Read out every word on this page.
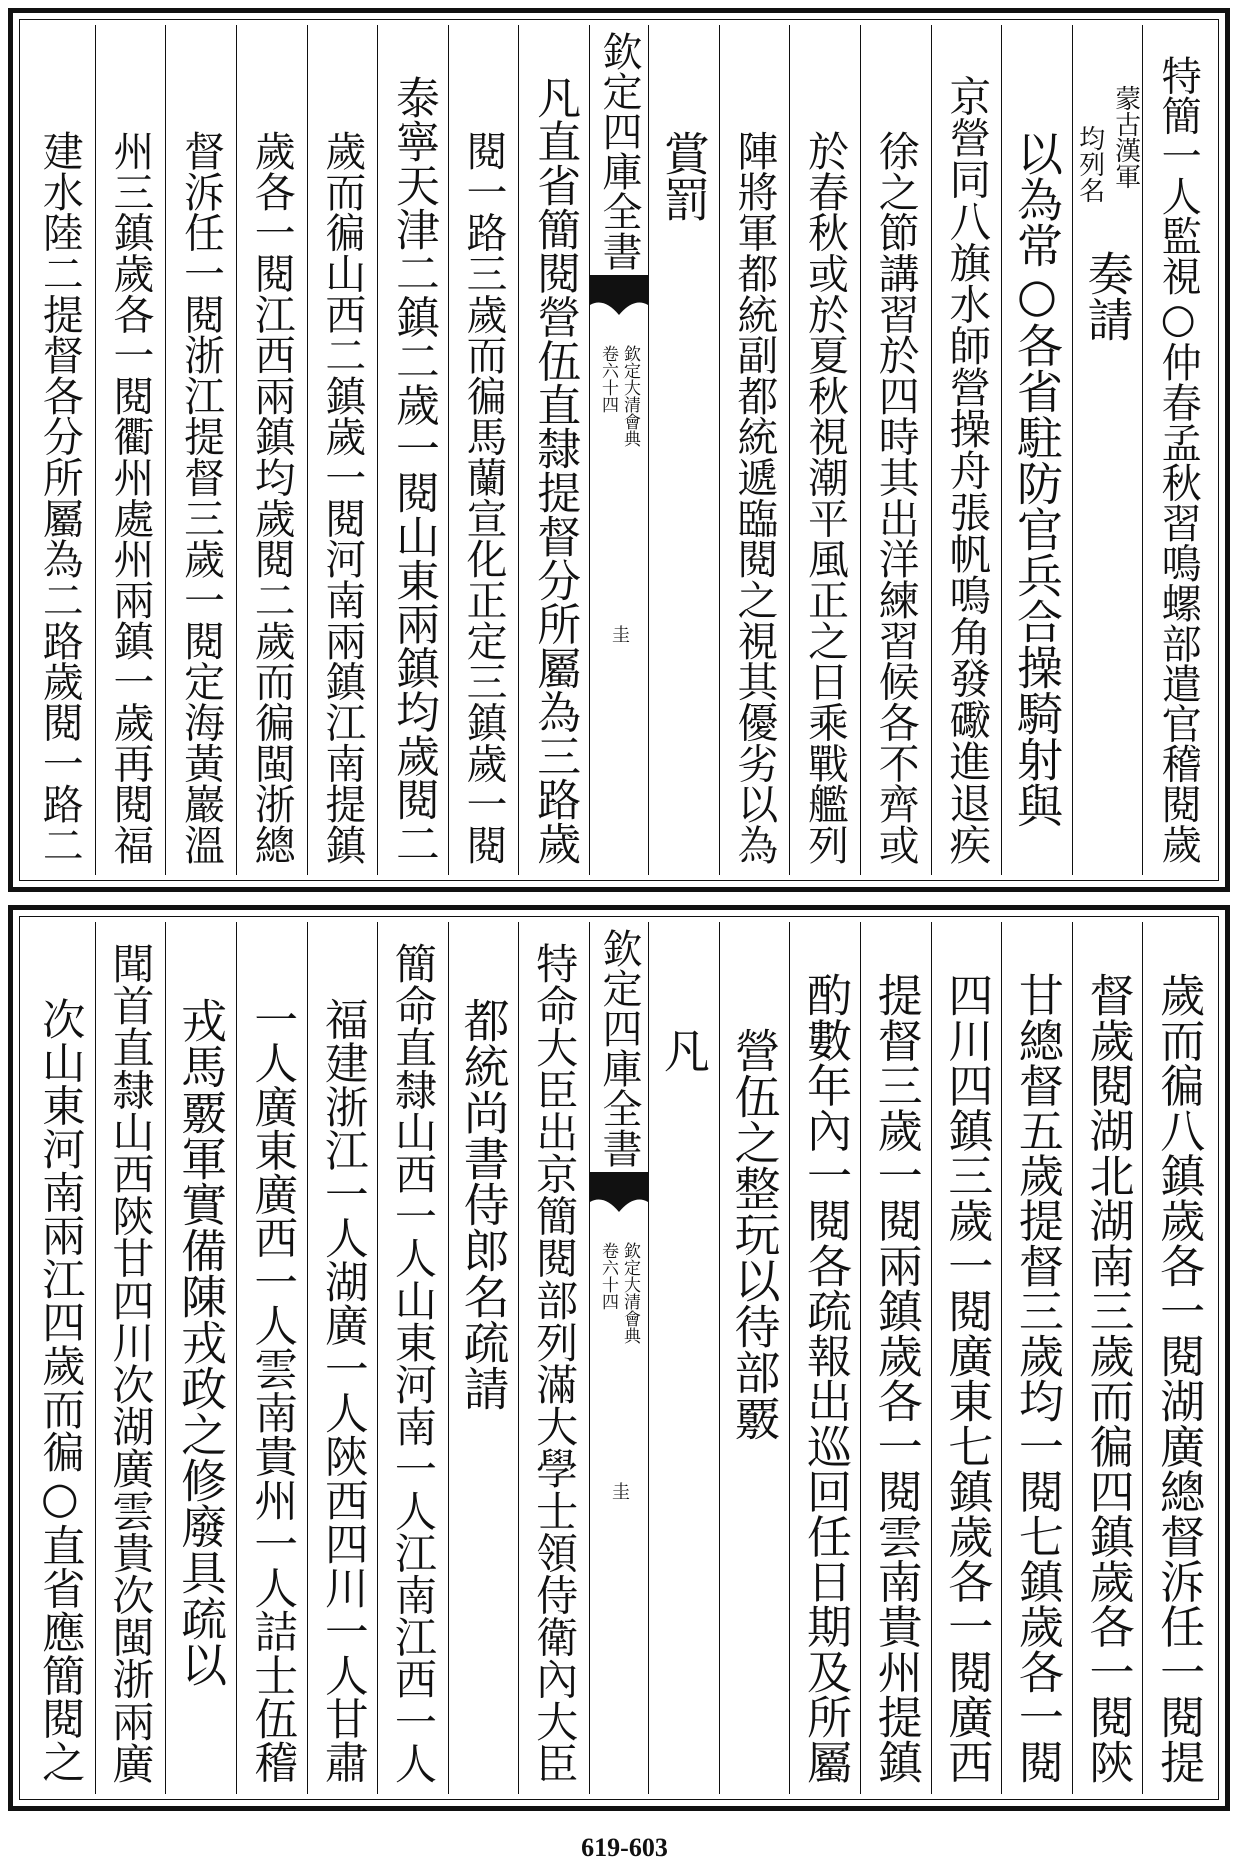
特簡一人監視○仲春孟秋習鳴螺部遣官稽閱歲
蒙古漢軍
均列名
奏請
以為常○各省駐防官兵合操騎射與
京營同八旗水師營操舟張帆鳴角發礮進退疾
徐之節講習於四時其出洋練習候各不齊或
於春秋或於夏秋視潮平風正之日乘戰艦列
陣將軍都統副都統遞臨閱之視其優劣以為
賞罰
欽定四庫全書
欽定大清會典
卷六十四
圭
凡直省簡閱營伍直隸提督分所屬為三路歲
閱一路三歲而徧馬蘭宣化正定三鎮歲一閱
泰寧天津二鎮二歲一閱山東兩鎮均歲閱二
歲而徧山西二鎮歲一閱河南兩鎮江南提鎮
歲各一閱江西兩鎮均歲閱二歲而徧閩浙總
督泝任一閱浙江提督三歲一閱定海黃巖溫
州三鎮歲各一閱衢州處州兩鎮一歲再閱福
建水陸二提督各分所屬為二路歲閱一路二
歲而徧八鎮歲各一閱湖廣總督泝任一閱提
督歲閱湖北湖南三歲而徧四鎮歲各一閱陝
甘總督五歲提督三歲均一閱七鎮歲各一閱
四川四鎮三歲一閱廣東七鎮歲各一閱廣西
提督三歲一閱兩鎮歲各一閱雲南貴州提鎮
酌數年內一閱各疏報出巡回任日期及所屬
營伍之整玩以待部覈
凡
欽定四庫全書
欽定大清會典
卷六十四
圭
特命大臣出京簡閱部列滿大學士領侍衛內大臣
都統尚書侍郎名疏請
簡命直隸山西一人山東河南一人江南江西一人
福建浙江一人湖廣一人陝西四川一人甘肅
一人廣東廣西一人雲南貴州一人詰士伍稽
戎馬覈軍實備陳戎政之修廢具疏以
聞首直隸山西陝甘四川次湖廣雲貴次閩浙兩廣
次山東河南兩江四歲而徧○直省應簡閱之
619-603
